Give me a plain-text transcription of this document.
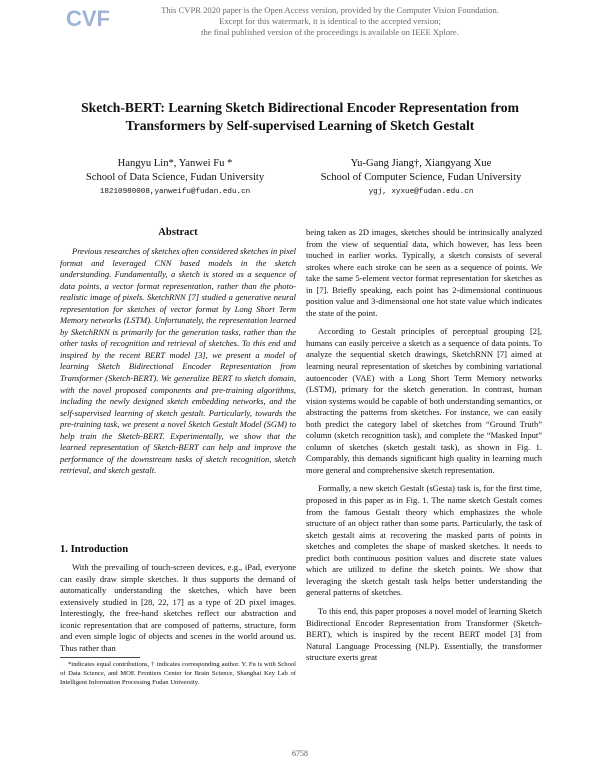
CVF	This CVPR 2020 paper is the Open Access version, provided by the Computer Vision Foundation.
Except for this watermark, it is identical to the accepted version;
the final published version of the proceedings is available on IEEE Xplore.
Sketch-BERT: Learning Sketch Bidirectional Encoder Representation from
Transformers by Self-supervised Learning of Sketch Gestalt
Hangyu Lin*, Yanwei Fu *
School of Data Science, Fudan University
18210980008,yanweifu@fudan.edu.cn
Yu-Gang Jiang†, Xiangyang Xue
School of Computer Science, Fudan University
ygj, xyxue@fudan.edu.cn
Abstract
Previous researches of sketches often considered sketches in pixel format and leveraged CNN based models in the sketch understanding. Fundamentally, a sketch is stored as a sequence of data points, a vector format representation, rather than the photo-realistic image of pixels. SketchRNN [7] studied a generative neural representation for sketches of vector format by Long Short Term Memory networks (LSTM). Unfortunately, the representation learned by SketchRNN is primarily for the generation tasks, rather than the other tasks of recognition and retrieval of sketches. To this end and inspired by the recent BERT model [3], we present a model of learning Sketch Bidirectional Encoder Representation from Transformer (Sketch-BERT). We generalize BERT to sketch domain, with the novel proposed components and pre-training algorithms, including the newly designed sketch embedding networks, and the self-supervised learning of sketch gestalt. Particularly, towards the pre-training task, we present a novel Sketch Gestalt Model (SGM) to help train the Sketch-BERT. Experimentally, we show that the learned representation of Sketch-BERT can help and improve the performance of the downstream tasks of sketch recognition, sketch retrieval, and sketch gestalt.
1. Introduction

With the prevailing of touch-screen devices, e.g., iPad, everyone can easily draw simple sketches. It thus supports the demand of automatically understanding the sketches, which have been extensively studied in [28, 22, 17] as a type of 2D pixel images. Interestingly, the free-hand sketches reflect our abstraction and iconic representation that are composed of patterns, structure, form and even simple logic of objects and scenes in the world around us. Thus rather than

*indicates equal contributions, † indicates corresponding author. Y. Fu is with School of Data Science, and MOE Frontiers Center for Brain Science, Shanghai Key Lab of Intelligent Information Processing Fudan University.

being taken as 2D images, sketches should be intrinsically analyzed from the view of sequential data, which however, has less been touched in earlier works. Typically, a sketch consists of several strokes where each stroke can be seen as a sequence of points. We take the same 5-element vector format representation for sketches as in [7]. Briefly speaking, each point has 2-dimensional continuous position value and 3-dimensional one hot state value which indicates the state of the point.

According to Gestalt principles of perceptual grouping [2], humans can easily perceive a sketch as a sequence of data points. To analyze the sequential sketch drawings, SketchRNN [7] aimed at learning neural representation of sketches by combining variational autoencoder (VAE) with a Long Short Term Memory networks (LSTM), primary for the sketch generation. In contrast, human vision systems would be capable of both understanding semantics, or abstracting the patterns from sketches. For instance, we can easily both predict the category label of sketches from “Ground Truth” column (sketch recognition task), and complete the “Masked Input” column of sketches (sketch gestalt task), as shown in Fig. 1. Comparably, this demands significant high quality in learning much more general and comprehensive sketch representation.

Formally, a new sketch Gestalt (sGesta) task is, for the first time, proposed in this paper as in Fig. 1. The name sketch Gestalt comes from the famous Gestalt theory which emphasizes the whole structure of an object rather than some parts. Particularly, the task of sketch gestalt aims at recovering the masked parts of points in sketches and completes the shape of masked sketches. It needs to predict both continuous position values and discrete state values which are utilized to define the sketch points. We show that leveraging the sketch gestalt task helps better understanding the general patterns of sketches.

To this end, this paper proposes a novel model of learning Sketch Bidirectional Encoder Representation from Transformer (Sketch-BERT), which is inspired by the recent BERT model [3] from Natural Language Processing (NLP). Essentially, the transformer structure exerts great

6758
